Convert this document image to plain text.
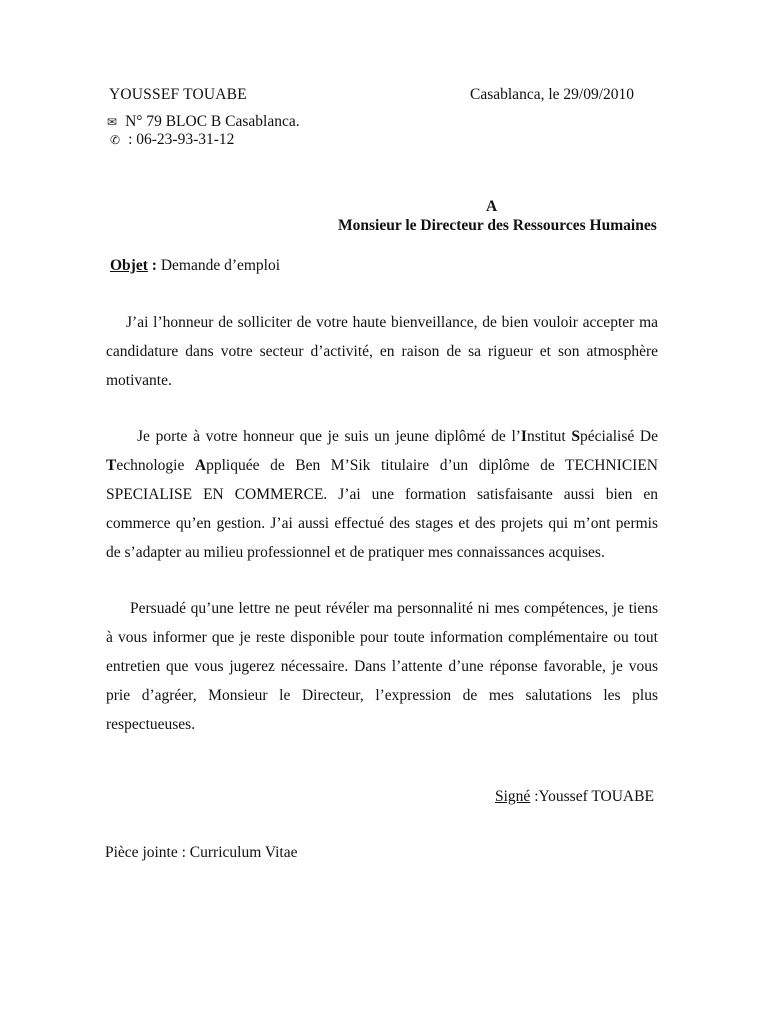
YOUSSEF TOUABE	Casablanca, le 29/09/2010
✉ N° 79 BLOC B Casablanca.
✆ : 06-23-93-31-12
A
Monsieur le Directeur des Ressources Humaines
Objet : Demande d’emploi
J’ai l’honneur de solliciter de votre haute bienveillance, de bien vouloir accepter ma
candidature dans votre secteur d’activité, en raison de sa rigueur et son atmosphère
motivante.
Je porte à votre honneur que je suis un jeune diplômé de l’Institut Spécialisé De
Technologie Appliquée de Ben M’Sik titulaire d’un diplôme de TECHNICIEN
SPECIALISE EN COMMERCE. J’ai une formation satisfaisante aussi bien en
commerce qu’en gestion. J’ai aussi effectué des stages et des projets qui m’ont permis
de s’adapter au milieu professionnel et de pratiquer mes connaissances acquises.
Persuadé qu’une lettre ne peut révéler ma personnalité ni mes compétences, je tiens
à vous informer que je reste disponible pour toute information complémentaire ou tout
entretien que vous jugerez nécessaire. Dans l’attente d’une réponse favorable, je vous
prie d’agréer, Monsieur le Directeur, l’expression de mes salutations les plus
respectueuses.
Signé :Youssef TOUABE
Pièce jointe : Curriculum Vitae
